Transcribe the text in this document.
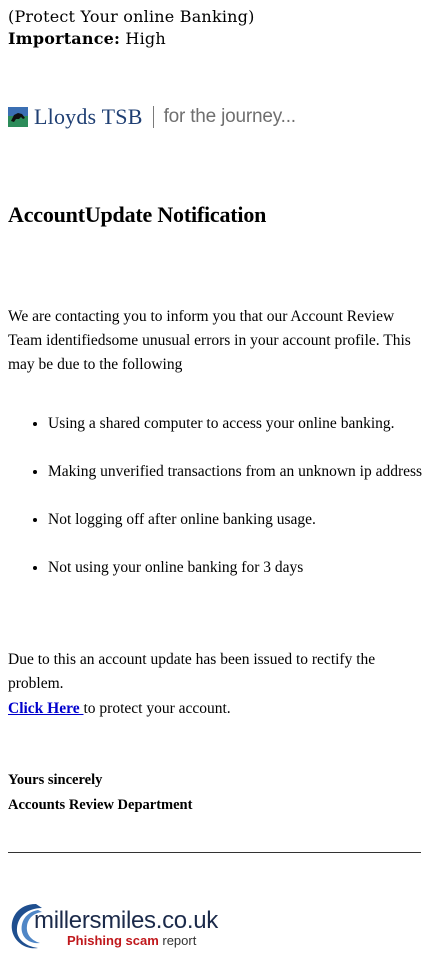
(Protect Your online Banking)
Importance: High
Lloyds TSB for the journey...
AccountUpdate Notification
We are contacting you to inform you that our Account Review Team identifiedsome unusual errors in your account profile. This may be due to the following
• Using a shared computer to access your online banking.
• Making unverified transactions from an unknown ip address
• Not logging off after online banking usage.
• Not using your online banking for 3 days
Due to this an account update has been issued to rectify the problem.
Click Here to protect your account.
Yours sincerely
Accounts Review Department
millersmiles.co.uk
Phishing scam report
